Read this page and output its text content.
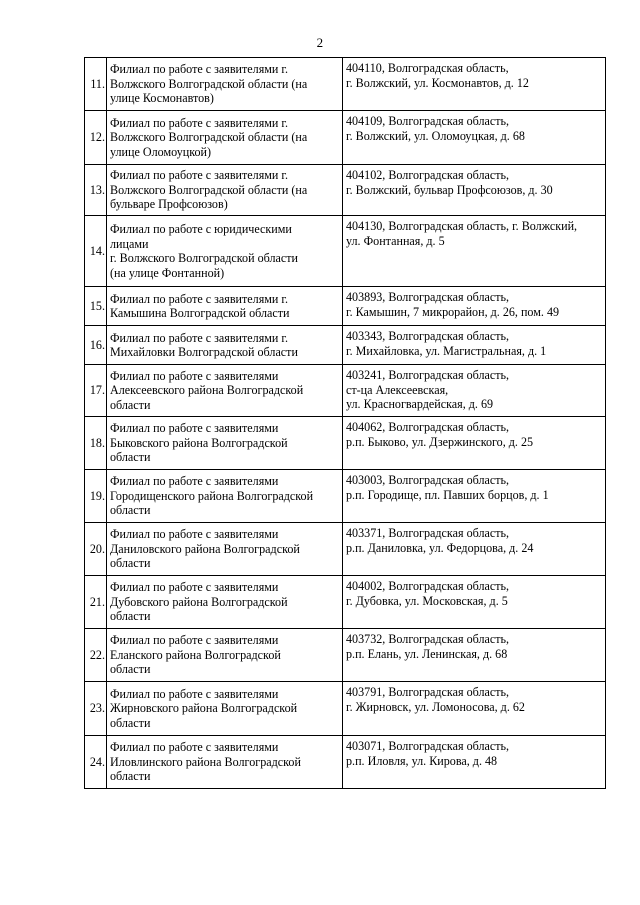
2
11.	Филиал по работе с заявителями г.
Волжского Волгоградской области (на
улице Космонавтов)	404110, Волгоградская область,
г. Волжский, ул. Космонавтов, д. 12

12.	Филиал по работе с заявителями г.
Волжского Волгоградской области (на
улице Оломоуцкой)	404109, Волгоградская область,
г. Волжский, ул. Оломоуцкая, д. 68

13.	Филиал по работе с заявителями г.
Волжского Волгоградской области (на
бульваре Профсоюзов)	404102, Волгоградская область,
г. Волжский, бульвар Профсоюзов, д. 30

14.	Филиал по работе с юридическими
лицами
г. Волжского Волгоградской области
(на улице Фонтанной)	404130, Волгоградская область, г. Волжский,
ул. Фонтанная, д. 5

15.	Филиал по работе с заявителями г.
Камышина Волгоградской области	403893, Волгоградская область,
г. Камышин, 7 микрорайон, д. 26, пом. 49

16.	Филиал по работе с заявителями г.
Михайловки Волгоградской области	403343, Волгоградская область,
г. Михайловка, ул. Магистральная, д. 1

17.	Филиал по работе с заявителями
Алексеевского района Волгоградской
области	403241, Волгоградская область,
ст-ца Алексеевская,
ул. Красногвардейская, д. 69

18.	Филиал по работе с заявителями
Быковского района Волгоградской
области	404062, Волгоградская область,
р.п. Быково, ул. Дзержинского, д. 25

19.	Филиал по работе с заявителями
Городищенского района Волгоградской
области	403003, Волгоградская область,
р.п. Городище, пл. Павших борцов, д. 1

20.	Филиал по работе с заявителями
Даниловского района Волгоградской
области	403371, Волгоградская область,
р.п. Даниловка, ул. Федорцова, д. 24

21.	Филиал по работе с заявителями
Дубовского района Волгоградской
области	404002, Волгоградская область,
г. Дубовка, ул. Московская, д. 5

22.	Филиал по работе с заявителями
Еланского района Волгоградской
области	403732, Волгоградская область,
р.п. Елань, ул. Ленинская, д. 68

23.	Филиал по работе с заявителями
Жирновского района Волгоградской
области	403791, Волгоградская область,
г. Жирновск, ул. Ломоносова, д. 62

24.	Филиал по работе с заявителями
Иловлинского района Волгоградской
области	403071, Волгоградская область,
р.п. Иловля, ул. Кирова, д. 48
